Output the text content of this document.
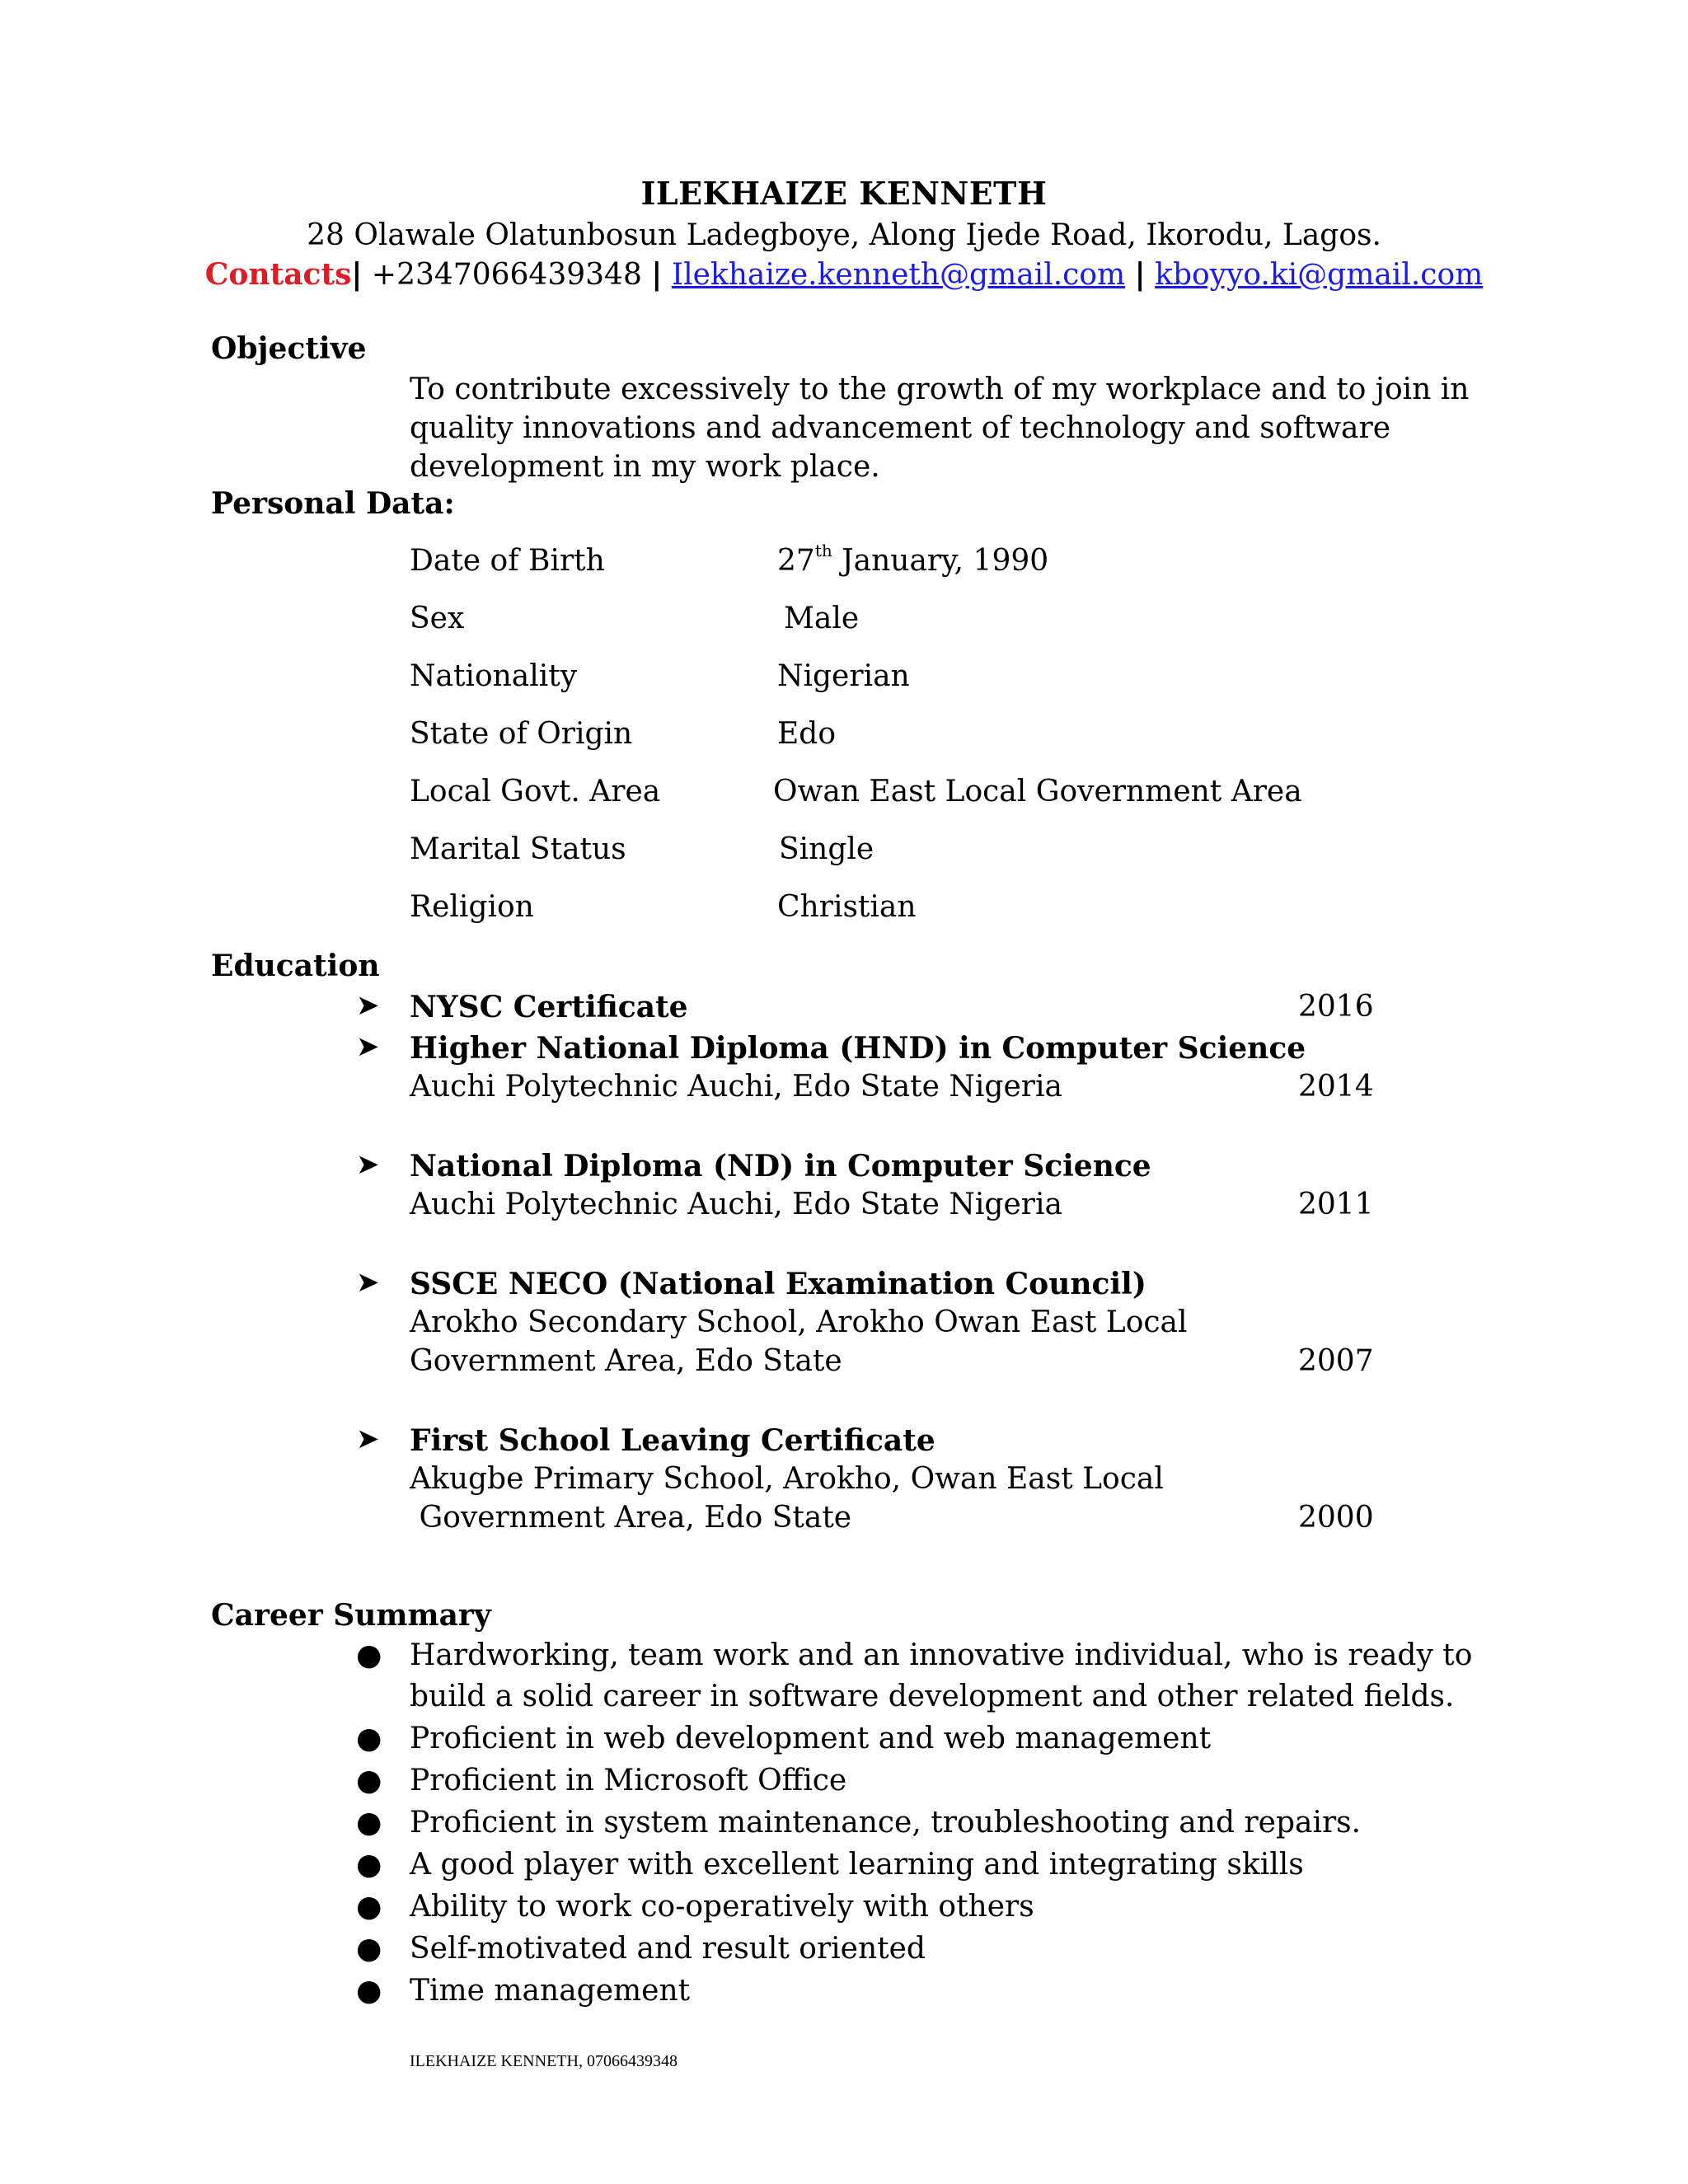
ILEKHAIZE KENNETH
28 Olawale Olatunbosun Ladegboye, Along Ijede Road, Ikorodu, Lagos.
Contacts| +2347066439348 | Ilekhaize.kenneth@gmail.com | kboyyo.ki@gmail.com
Objective
To contribute excessively to the growth of my workplace and to join in quality innovations and advancement of technology and software development in my work place.
Personal Data:
Date of Birth	27th January, 1990
Sex	Male
Nationality	Nigerian
State of Origin	Edo
Local Govt. Area	Owan East Local Government Area
Marital Status	Single
Religion	Christian
Education
➤ NYSC Certificate	2016
➤ Higher National Diploma (HND) in Computer Science
Auchi Polytechnic Auchi, Edo State Nigeria	2014
➤ National Diploma (ND) in Computer Science
Auchi Polytechnic Auchi, Edo State Nigeria	2011
➤ SSCE NECO (National Examination Council)
Arokho Secondary School, Arokho Owan East Local
Government Area, Edo State	2007
➤ First School Leaving Certificate
Akugbe Primary School, Arokho, Owan East Local
Government Area, Edo State	2000
Career Summary
● Hardworking, team work and an innovative individual, who is ready to
build a solid career in software development and other related fields.
● Proficient in web development and web management
● Proficient in Microsoft Office
● Proficient in system maintenance, troubleshooting and repairs.
● A good player with excellent learning and integrating skills
● Ability to work co-operatively with others
● Self-motivated and result oriented
● Time management
ILEKHAIZE KENNETH, 07066439348
